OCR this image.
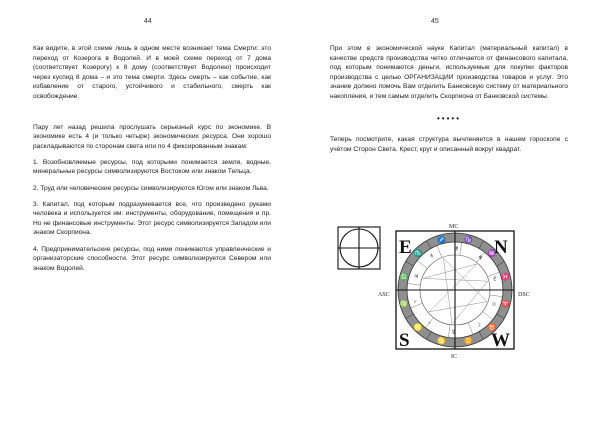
44

Как видите, в этой схеме лишь в одном месте возникает тема Смерти: это переход от Козерога в Водолей. И в моей схеме переход от 7 дома (соответствует Козерогу) к 8 дому (соответствует Водолею) происходит через куспид 8 дома – и это тема смерти. Здесь смерть – как событие, как избавление от старого, устойчивого и стабильного, смерть как освобождение.

Пару лет назад решила прослушать серьезный курс по экономике. В экономике есть 4 (и только четыре) экономических ресурса. Они хорошо раскладываются по сторонам света или по 4 фиксированным знакам:

1. Возобновляемые ресурсы, под которыми понимается земля, водные, минеральные ресурсы символизируются Востоком или знаком Тельца.

2. Труд или человеческие ресурсы символизируются Югом или знаком Льва.

3. Капитал, под которым подразумевается все, что произведено руками человека и используется им: инструменты, оборудование, помещения и пр. Но не финансовые инструменты. Этот ресурс символизируется Западом или знаком Скорпиона.

4. Предпринимательские ресурсы, под ними понимаются управленческие и организаторские способности. Этот ресурс символизируется Севером или знаком Водолей.

45

При этом в экономической науке Капитал (материальный капитал) в качестве средств производства четко отличается от финансового капитала, под которым понимаются деньги, используемые для покупки факторов производства с целью ОРГАНИЗАЦИИ производства товаров и услуг. Это знание должно помочь Вам отделить Банковскую систему от материального накопления, и тем самым отделить Скорпиона от Банковской системы.

•••••

Теперь посмотрите, какая структура вычленяется в нашем гороскопе с учётом Сторон Света. Крест, круг и описанный вокруг квадрат.

♈
♉
♊
♋
♌
♍
♎
♏
♐	♑
♒
♓
☉
☽
☿
♀
♂
♃
♄
♅
♆
♇
E	N
S	W
MC
IC
ASC	DSC
